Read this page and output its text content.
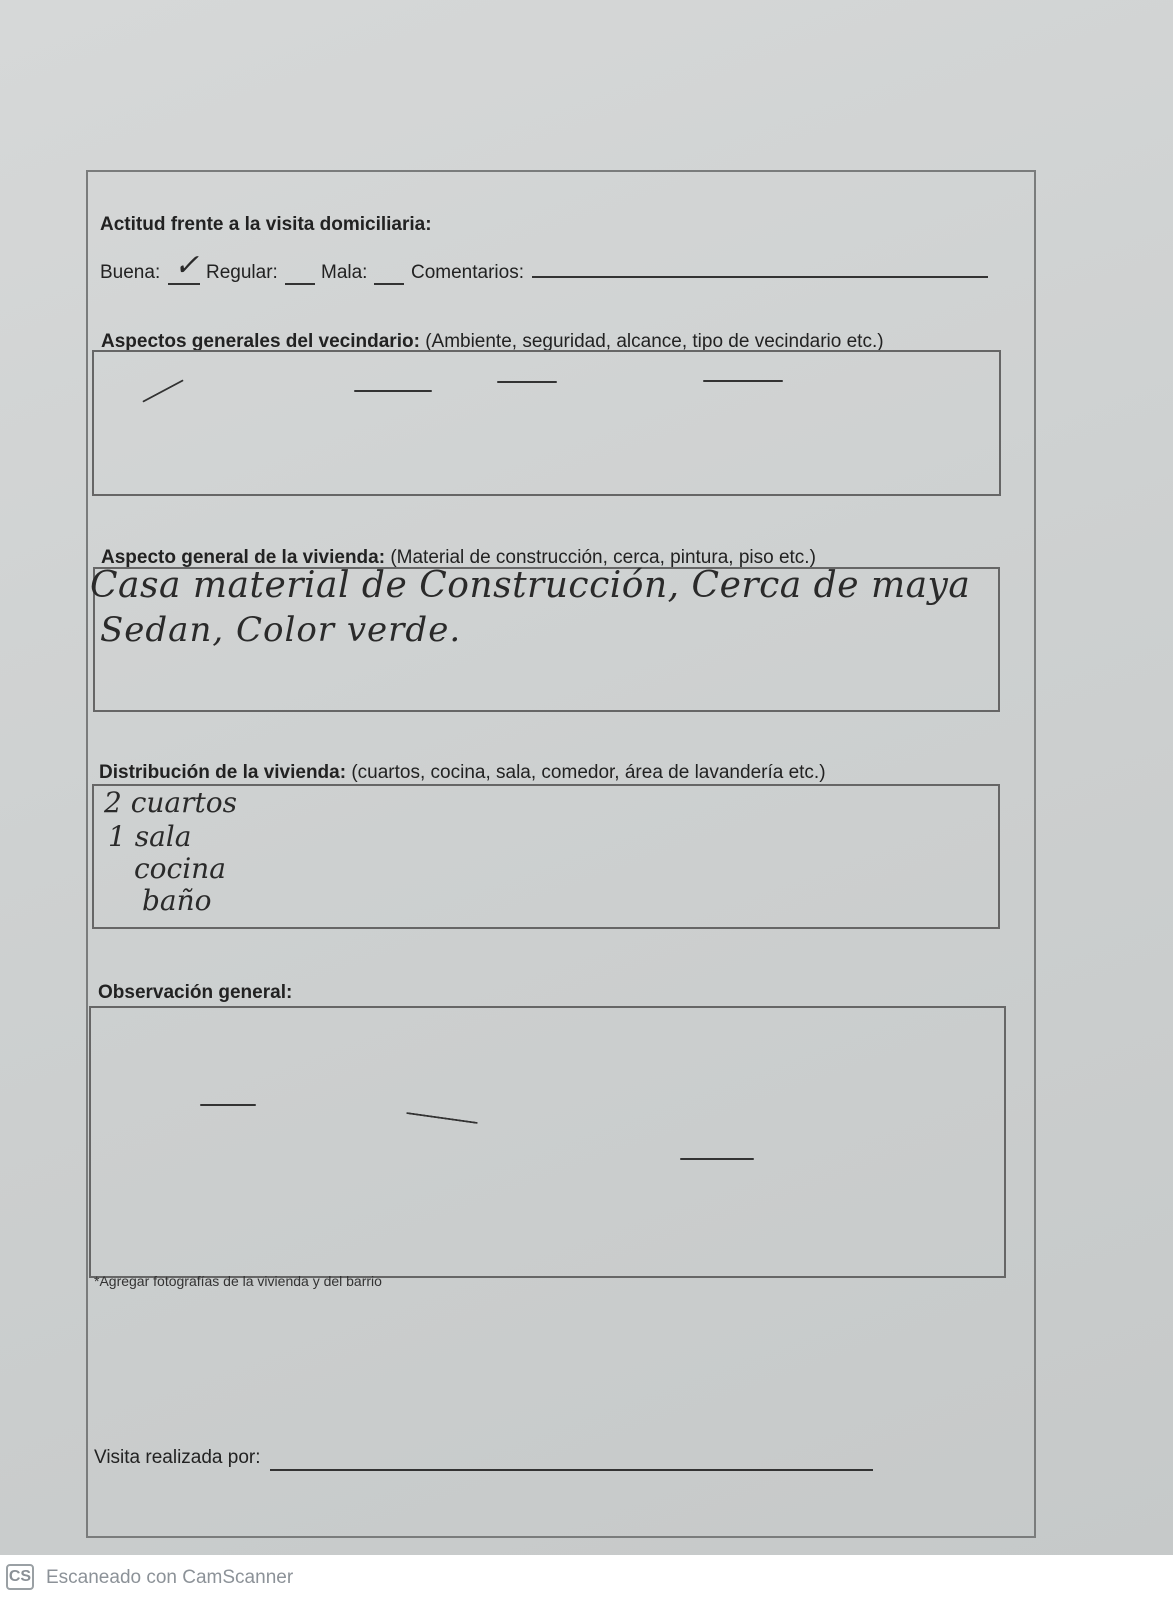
Actitud frente a la visita domiciliaria:
Buena: ✓ Regular: Mala: Comentarios:
Aspectos generales del vecindario: (Ambiente, seguridad, alcance, tipo de vecindario etc.)
Aspecto general de la vivienda: (Material de construcción, cerca, pintura, piso etc.)
Casa material de Construcción, Cerca de maya
Sedan, Color verde.
Distribución de la vivienda: (cuartos, cocina, sala, comedor, área de lavandería etc.)
2 cuartos
1 sala
cocina
baño
Observación general:
*Agregar fotografías de la vivienda y del barrio
Visita realizada por:
CS Escaneado con CamScanner
